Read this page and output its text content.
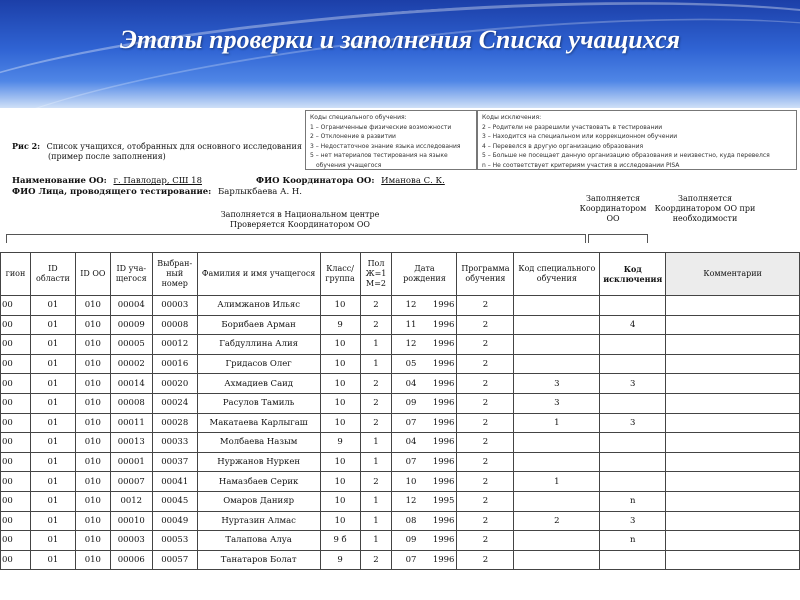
Этапы проверки и заполнения Списка учащихся
Рис 2: Список учащихся, отобранных для основного исследования
(пример после заполнения)
Наименование ОО: г. Павлодар, СШ 18
ФИО Лица, проводящего тестирование: Барлыкбаева А. Н.
ФИО Координатора ОО: Иманова С. К.
Коды специального обучения:
1 – Ограниченные физические возможности
2 – Отклонение в развитии
3 – Недостаточное знание языка исследования
5 – нет материалов тестирования на языке
обучения учащегося
Коды исключения:
2 – Родители не разрешили участвовать в тестировании
3 – Находится на специальном или коррекционном обучении
4 – Перевелся в другую организацию образования
5 – Больше не посещает данную организацию образования и неизвестно, куда перевелся
n – Не соответствует критериям участия в исследовании PISA
Заполняется в Национальном центре
Проверяется Координатором ОО
Заполняется
Координатором
ОО
Заполняется
Координатором ОО при
необходимости
гион	ID области	ID ОО	ID уча-щегося	Выбран-ный номер	Фамилия и имя учащегося	Класс/ группа	Пол Ж=1 М=2	Дата рождения	Программа обучения	Код специального обучения	Код исключения	Комментарии
00	01	010	00004	00003	Алимжанов Ильяс	10	2	12 1996	2			
00	01	010	00009	00008	Борибаев Арман	9	2	11 1996	2		4	
00	01	010	00005	00012	Габдуллина Алия	10	1	12 1996	2			
00	01	010	00002	00016	Гридасов Олег	10	1	05 1996	2			
00	01	010	00014	00020	Ахмадиев Саид	10	2	04 1996	2	3	3	
00	01	010	00008	00024	Расулов Тамиль	10	2	09 1996	2	3		
00	01	010	00011	00028	Макатаева Карлыгаш	10	2	07 1996	2	1	3	
00	01	010	00013	00033	Молбаева Назым	9	1	04 1996	2			
00	01	010	00001	00037	Нуржанов Нуркен	10	1	07 1996	2			
00	01	010	00007	00041	Намазбаев Серик	10	2	10 1996	2	1		
00	01	010	0012	00045	Омаров Данияр	10	1	12 1995	2		n	
00	01	010	00010	00049	Нуртазин Алмас	10	1	08 1996	2	2	3	
00	01	010	00003	00053	Талапова Алуа	9 б	1	09 1996	2		n	
00	01	010	00006	00057	Танатаров Болат	9	2	07 1996	2			
